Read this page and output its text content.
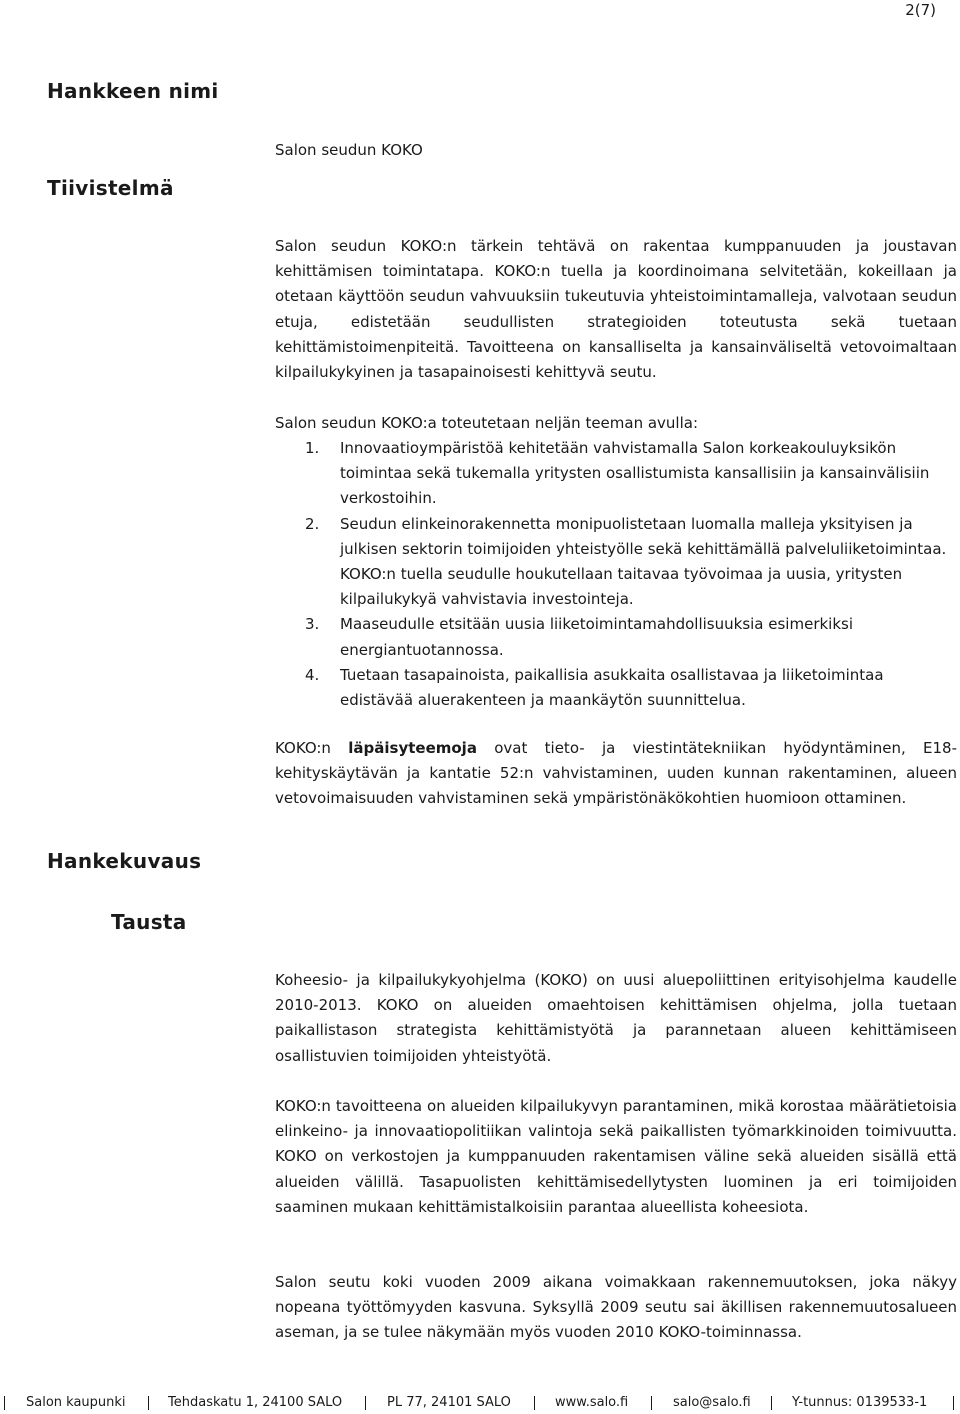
2(7)
Hankkeen nimi

Salon seudun KOKO

Tiivistelmä

Salon seudun KOKO:n tärkein tehtävä on rakentaa kumppanuuden ja joustavan kehittämisen toimintatapa. KOKO:n tuella ja koordinoimana selvitetään, kokeillaan ja otetaan käyttöön seudun vahvuuksiin tukeutuvia yhteistoimintamalleja, valvotaan seudun etuja, edistetään seudullisten strategioiden toteutusta sekä tuetaan kehittämistoimenpiteitä. Tavoitteena on kansalliselta ja kansainväliseltä vetovoimaltaan kilpailukykyinen ja tasapainoisesti kehittyvä seutu.

Salon seudun KOKO:a toteutetaan neljän teeman avulla:

1. Innovaatioympäristöä kehitetään vahvistamalla Salon korkeakouluyksikön toimintaa sekä tukemalla yritysten osallistumista kansallisiin ja kansainvälisiin verkostoihin.
2. Seudun elinkeinorakennetta monipuolistetaan luomalla malleja yksityisen ja julkisen sektorin toimijoiden yhteistyölle sekä kehittämällä palveluliiketoimintaa. KOKO:n tuella seudulle houkutellaan taitavaa työvoimaa ja uusia, yritysten kilpailukykyä vahvistavia investointeja.
3. Maaseudulle etsitään uusia liiketoimintamahdollisuuksia esimerkiksi energiantuotannossa.
4. Tuetaan tasapainoista, paikallisia asukkaita osallistavaa ja liiketoimintaa edistävää aluerakenteen ja maankäytön suunnittelua.

KOKO:n läpäisyteemoja ovat tieto- ja viestintätekniikan hyödyntäminen, E18-kehityskäytävän ja kantatie 52:n vahvistaminen, uuden kunnan rakentaminen, alueen vetovoimaisuuden vahvistaminen sekä ympäristönäkökohtien huomioon ottaminen.

Hankekuvaus
Tausta

Koheesio- ja kilpailukykyohjelma (KOKO) on uusi aluepoliittinen erityisohjelma kaudelle 2010-2013. KOKO on alueiden omaehtoisen kehittämisen ohjelma, jolla tuetaan paikallistason strategista kehittämistyötä ja parannetaan alueen kehittämiseen osallistuvien toimijoiden yhteistyötä.

KOKO:n tavoitteena on alueiden kilpailukyvyn parantaminen, mikä korostaa määrätietoisia elinkeino- ja innovaatiopolitiikan valintoja sekä paikallisten työmarkkinoiden toimivuutta. KOKO on verkostojen ja kumppanuuden rakentamisen väline sekä alueiden sisällä että alueiden välillä. Tasapuolisten kehittämisedellytysten luominen ja eri toimijoiden saaminen mukaan kehittämistalkoisiin parantaa alueellista koheesiota.

Salon seutu koki vuoden 2009 aikana voimakkaan rakennemuutoksen, joka näkyy nopeana työttömyyden kasvuna. Syksyllä 2009 seutu sai äkillisen rakennemuutosalueen aseman, ja se tulee näkymään myös vuoden 2010 KOKO-toiminnassa.

Salon kaupunki	Tehdaskatu 1, 24100 SALO	PL 77, 24101 SALO	www.salo.fi	salo@salo.fi	Y-tunnus: 0139533-1
